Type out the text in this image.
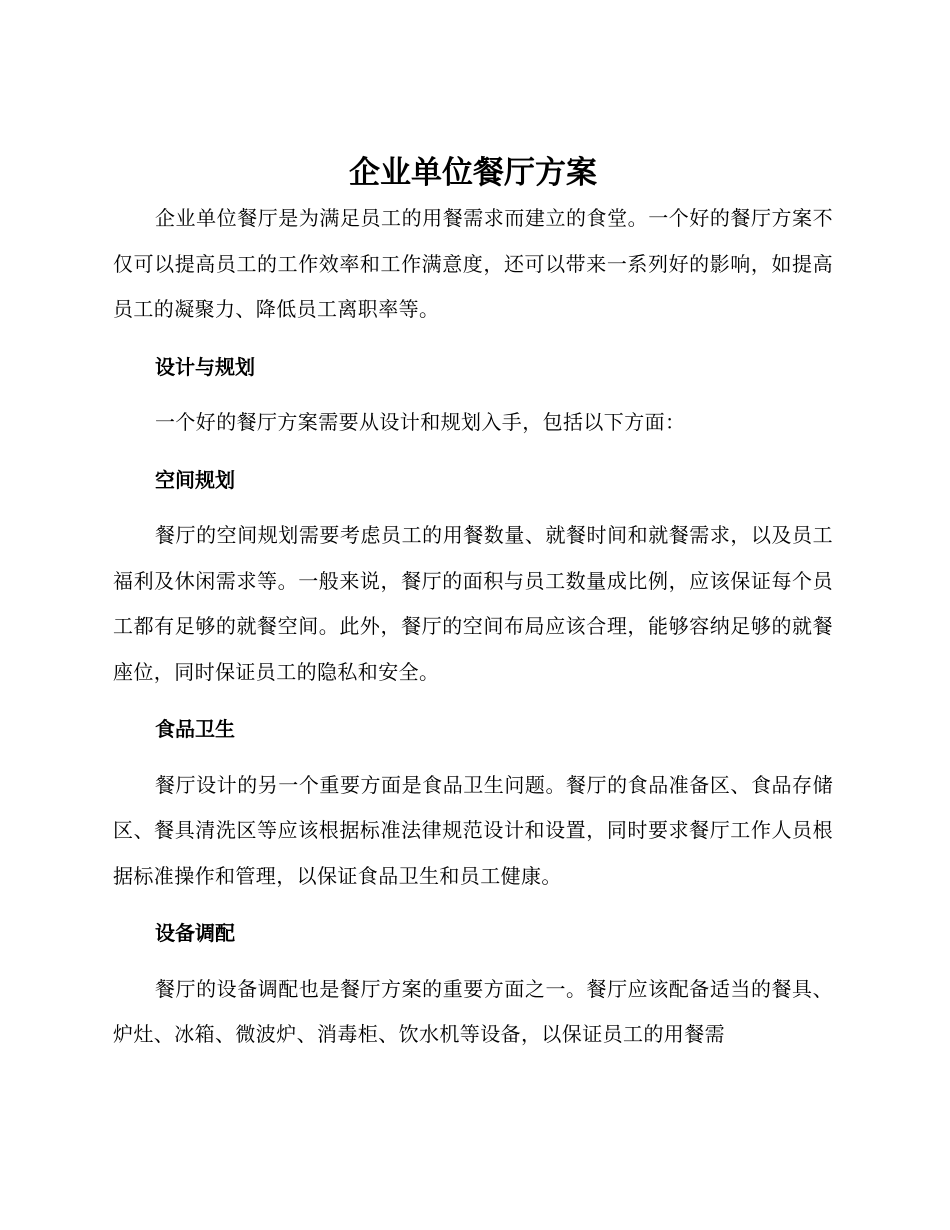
企业单位餐厅方案

企业单位餐厅是为满足员工的用餐需求而建立的食堂。一个好的餐厅方案不仅可以提高员工的工作效率和工作满意度，还可以带来一系列好的影响，如提高员工的凝聚力、降低员工离职率等。

设计与规划

一个好的餐厅方案需要从设计和规划入手，包括以下方面：

空间规划

餐厅的空间规划需要考虑员工的用餐数量、就餐时间和就餐需求，以及员工福利及休闲需求等。一般来说，餐厅的面积与员工数量成比例，应该保证每个员工都有足够的就餐空间。此外，餐厅的空间布局应该合理，能够容纳足够的就餐座位，同时保证员工的隐私和安全。

食品卫生

餐厅设计的另一个重要方面是食品卫生问题。餐厅的食品准备区、食品存储区、餐具清洗区等应该根据标准法律规范设计和设置，同时要求餐厅工作人员根据标准操作和管理，以保证食品卫生和员工健康。

设备调配

餐厅的设备调配也是餐厅方案的重要方面之一。餐厅应该配备适当的餐具、炉灶、冰箱、微波炉、消毒柜、饮水机等设备，以保证员工的用餐需
